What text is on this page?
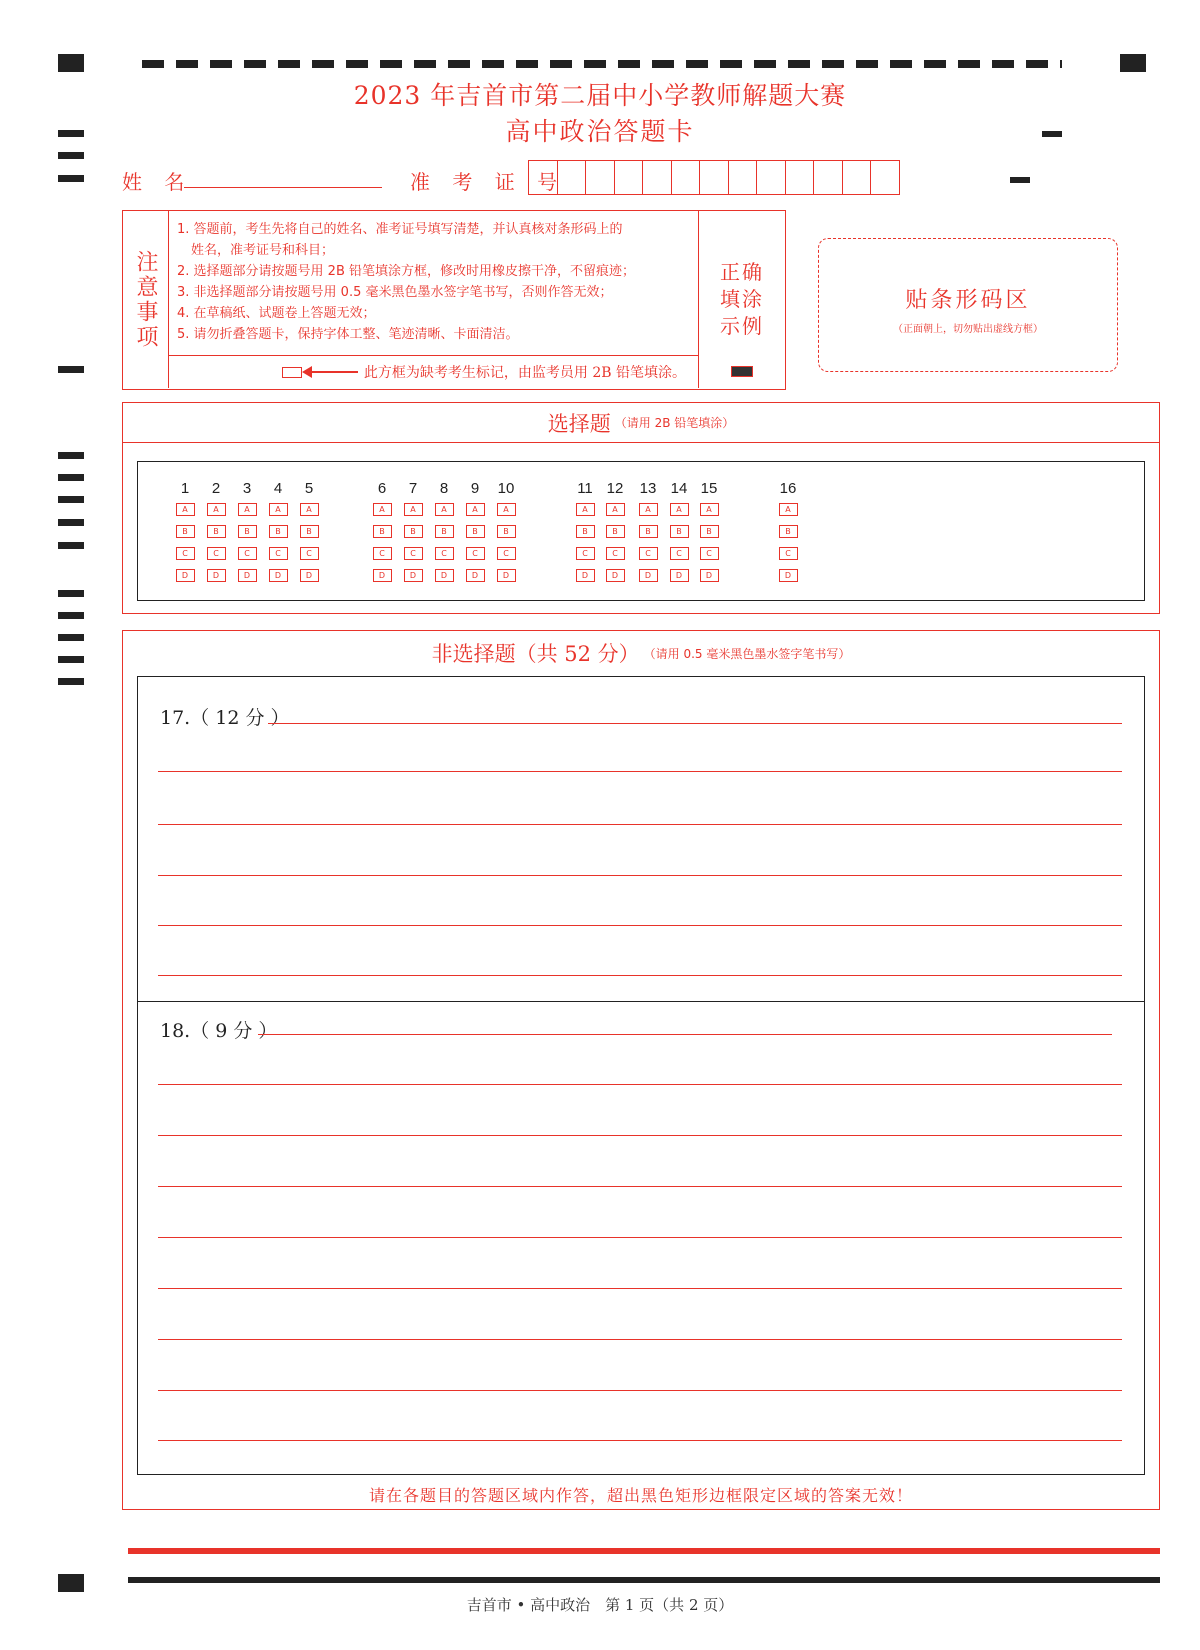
2023 年吉首市第二届中小学教师解题大赛
高中政治答题卡
姓 名	准 考 证 号
注意事项

1. 答题前，考生先将自己的姓名、准考证号填写清楚，并认真核对条形码上的

姓名，准考证号和科目；

2. 选择题部分请按题号用 2B 铅笔填涂方框，修改时用橡皮擦干净，不留痕迹；

3. 非选择题部分请按题号用 0.5 毫米黑色墨水签字笔书写，否则作答无效；

4. 在草稿纸、试题卷上答题无效；

5. 请勿折叠答题卡，保持字体工整、笔迹清晰、卡面清洁。

此方框为缺考考生标记，由监考员用 2B 铅笔填涂。
正确填涂示例
贴条形码区
（正面朝上，切勿贴出虚线方框）
选择题 （请用 2B 铅笔填涂）
1
A
B
C
D
2
A
B
C
D
3
A
B
C
D
4
A
B
C
D
5
A
B
C
D
6
A
B
C
D
7
A
B
C
D
8
A
B
C
D
9
A
B
C
D
10
A
B
C
D
11
A
B
C
D
12
A
B
C
D
13
A
B
C
D
14
A
B
C
D
15
A
B
C
D
16
A
B
C
D
非选择题（共 52 分） （请用 0.5 毫米黑色墨水签字笔书写）
17.（ 12 分 ）
18.（ 9 分 ）
请在各题目的答题区域内作答，超出黑色矩形边框限定区域的答案无效！
吉首市 • 高中政治　第 1 页（共 2 页）
